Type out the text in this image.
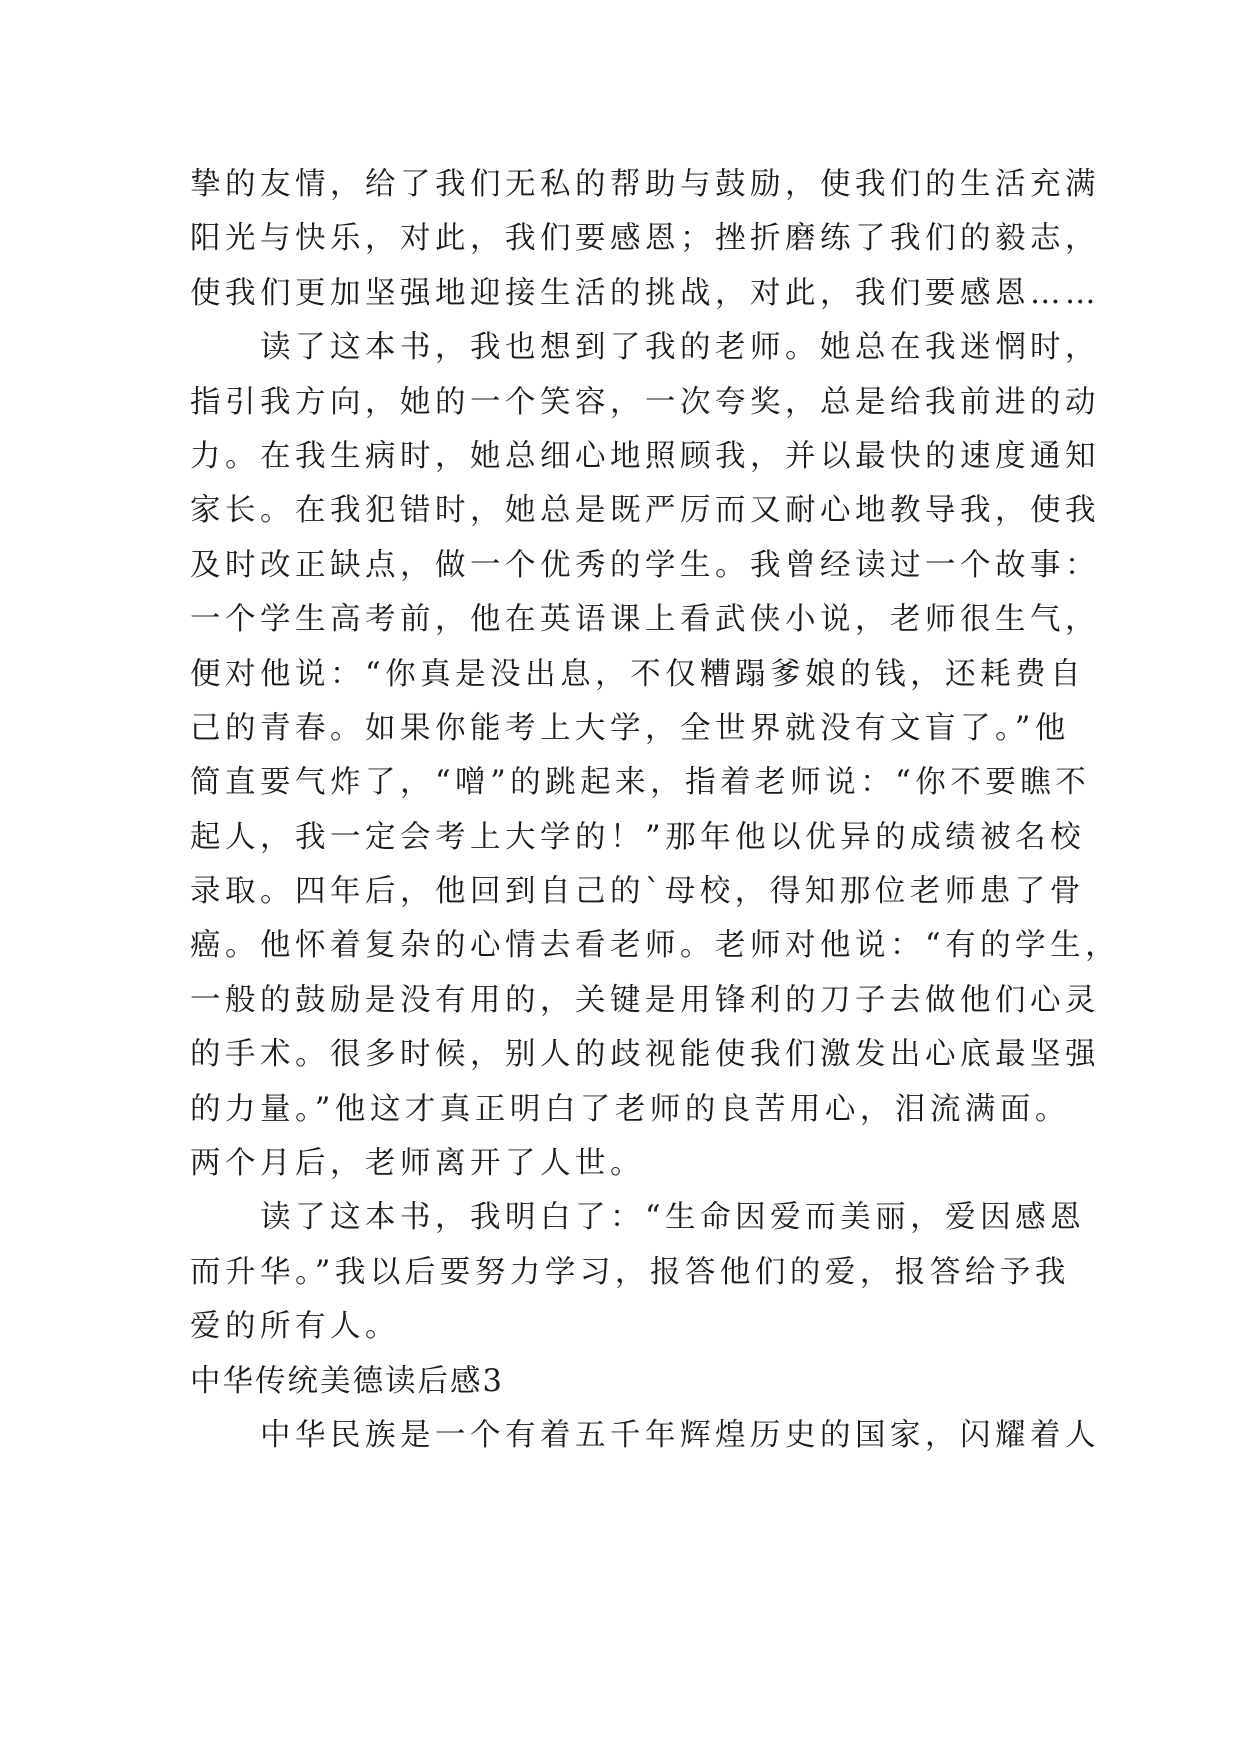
挚的友情，给了我们无私的帮助与鼓励，使我们的生活充满
阳光与快乐，对此，我们要感恩；挫折磨练了我们的毅志，
使我们更加坚强地迎接生活的挑战，对此，我们要感恩……
读了这本书，我也想到了我的老师。她总在我迷惘时，
指引我方向，她的一个笑容，一次夸奖，总是给我前进的动
力。在我生病时，她总细心地照顾我，并以最快的速度通知
家长。在我犯错时，她总是既严厉而又耐心地教导我，使我
及时改正缺点，做一个优秀的学生。我曾经读过一个故事：
一个学生高考前，他在英语课上看武侠小说，老师很生气，
便对他说：“你真是没出息，不仅糟蹋爹娘的钱，还耗费自
己的青春。如果你能考上大学，全世界就没有文盲了。”他
简直要气炸了，“噌”的跳起来，指着老师说：“你不要瞧不
起人，我一定会考上大学的！”那年他以优异的成绩被名校
录取。四年后，他回到自己的`母校，得知那位老师患了骨
癌。他怀着复杂的心情去看老师。老师对他说：“有的学生，
一般的鼓励是没有用的，关键是用锋利的刀子去做他们心灵
的手术。很多时候，别人的歧视能使我们激发出心底最坚强
的力量。”他这才真正明白了老师的良苦用心，泪流满面。
两个月后，老师离开了人世。
读了这本书，我明白了：“生命因爱而美丽，爱因感恩
而升华。”我以后要努力学习，报答他们的爱，报答给予我
爱的所有人。
中华传统美德读后感3
中华民族是一个有着五千年辉煌历史的国家，闪耀着人
